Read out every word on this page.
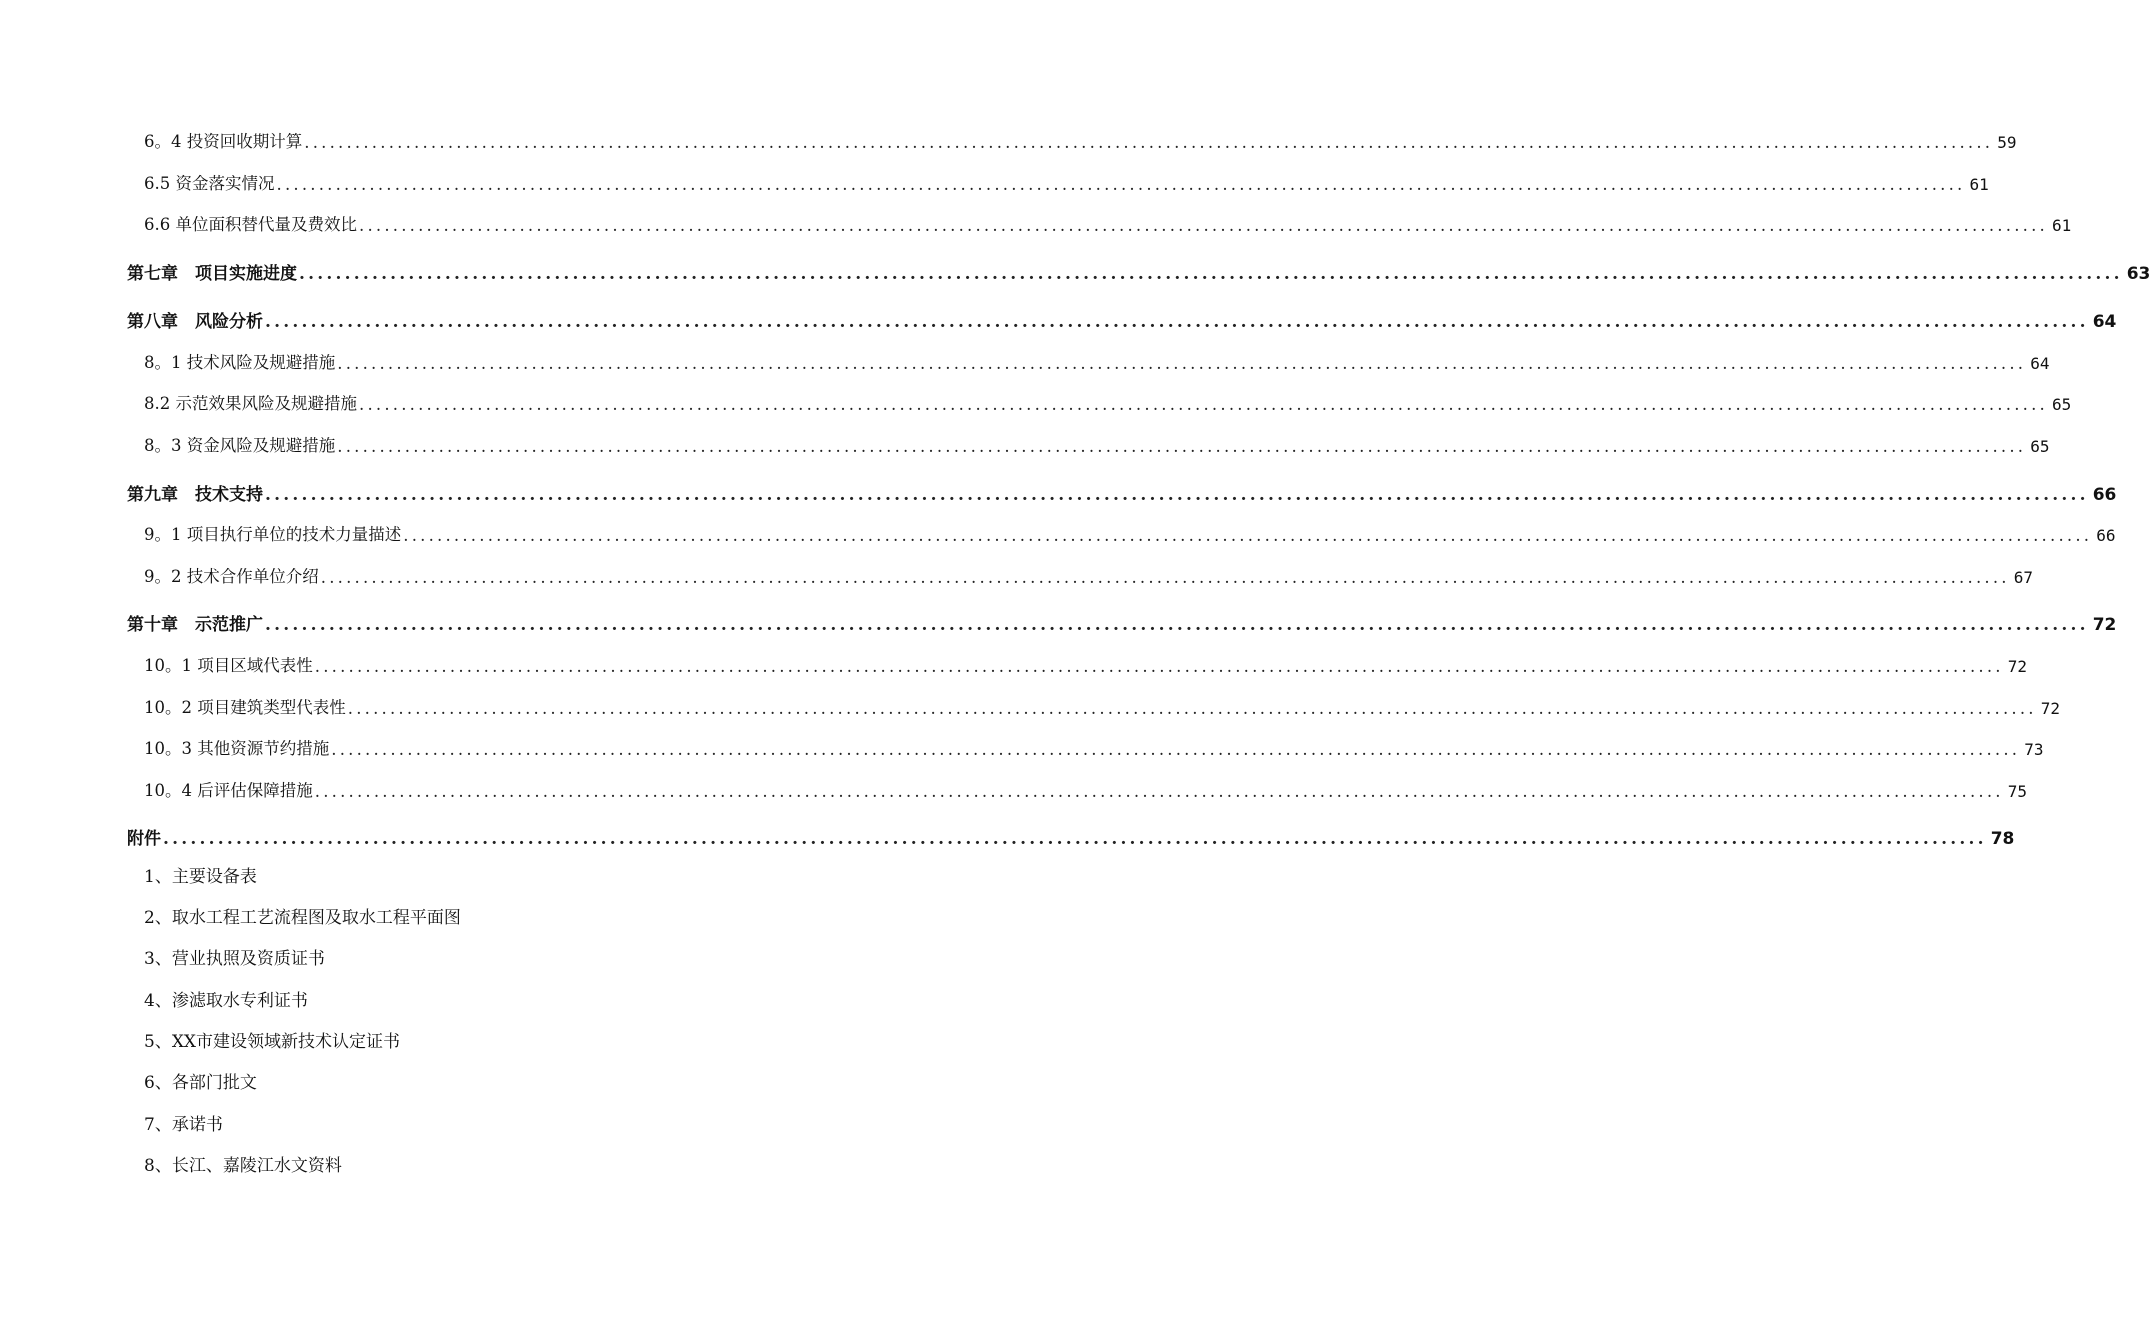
6。4 投资回收期计算 ........................................................................................................................................................................................................ 59
6.5 资金落实情况 ........................................................................................................................................................................................................ 61
6.6 单位面积替代量及费效比 ........................................................................................................................................................................................................ 61
第七章　项目实施进度 ........................................................................................................................................................................................................ 63
第八章　风险分析 ........................................................................................................................................................................................................ 64
8。1 技术风险及规避措施 ........................................................................................................................................................................................................ 64
8.2 示范效果风险及规避措施 ........................................................................................................................................................................................................ 65
8。3 资金风险及规避措施 ........................................................................................................................................................................................................ 65
第九章　技术支持 ........................................................................................................................................................................................................ 66
9。1 项目执行单位的技术力量描述 ........................................................................................................................................................................................................ 66
9。2 技术合作单位介绍 ........................................................................................................................................................................................................ 67
第十章　示范推广 ........................................................................................................................................................................................................ 72
10。1 项目区域代表性 ........................................................................................................................................................................................................ 72
10。2 项目建筑类型代表性 ........................................................................................................................................................................................................ 72
10。3 其他资源节约措施 ........................................................................................................................................................................................................ 73
10。4 后评估保障措施 ........................................................................................................................................................................................................ 75
附件 ........................................................................................................................................................................................................ 78
1、主要设备表
2、取水工程工艺流程图及取水工程平面图
3、营业执照及资质证书
4、渗滤取水专利证书
5、XX市建设领域新技术认定证书
6、各部门批文
7、承诺书
8、长江、嘉陵江水文资料
